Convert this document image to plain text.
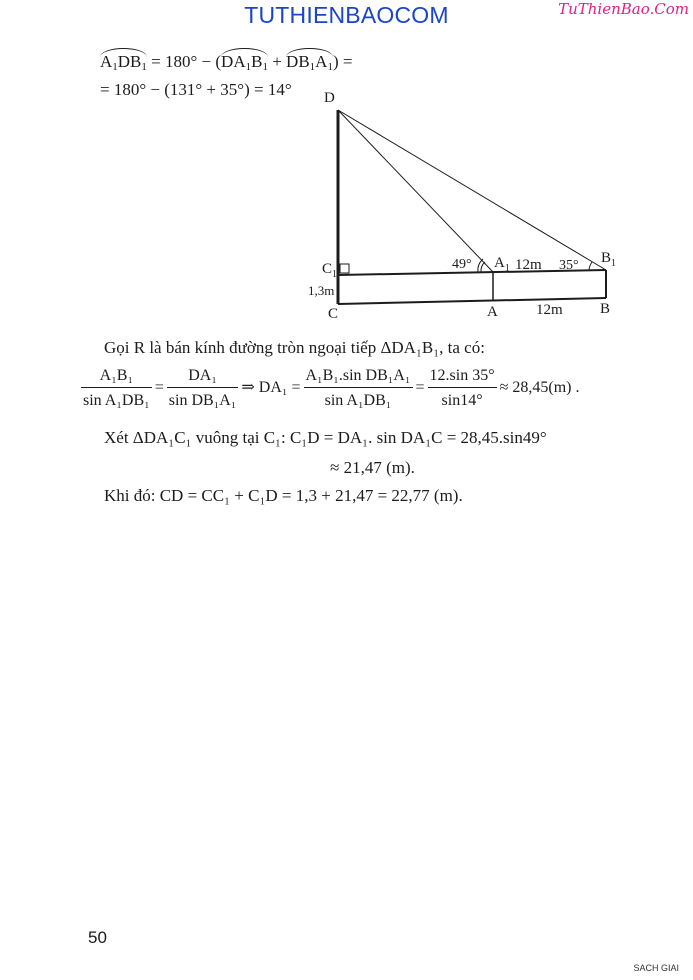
TUTHIENBAOCOM	TuThienBao.Com
$A_1DB_1 = 180^\circ - (DA_1B_1 + DB_1A_1)$ =
= 180° − (131° + 35°) = 14° D
$C_1$
C
1,3m
49° $A_1$ 12m 35° $B_1$
A	12m B
Gọi R là bán kính đường tròn ngoại tiếp ΔDA₁B₁, ta có:
$\frac{\text{A₁B₁}}{\text{sin A₁DB₁}} = \frac{\text{DA₁}}{\text{sin DB₁A₁}}$ ⇒ $DA_1 = \frac{\text{A₁B₁.sin DB₁A₁}}{\text{sin A₁DB₁}} = \frac{12.\sin 35^\circ}{\sin 14^\circ} \approx 28,45(m)$ .
Xét ΔDA₁C₁ vuông tại C₁: C₁D = DA₁. sin DA₁C = 28,45.sin49°
≈ 21,47 (m).
Khi đó: CD = CC₁ + C₁D = 1,3 + 21,47 = 22,77 (m).
50
SACH GIAI
